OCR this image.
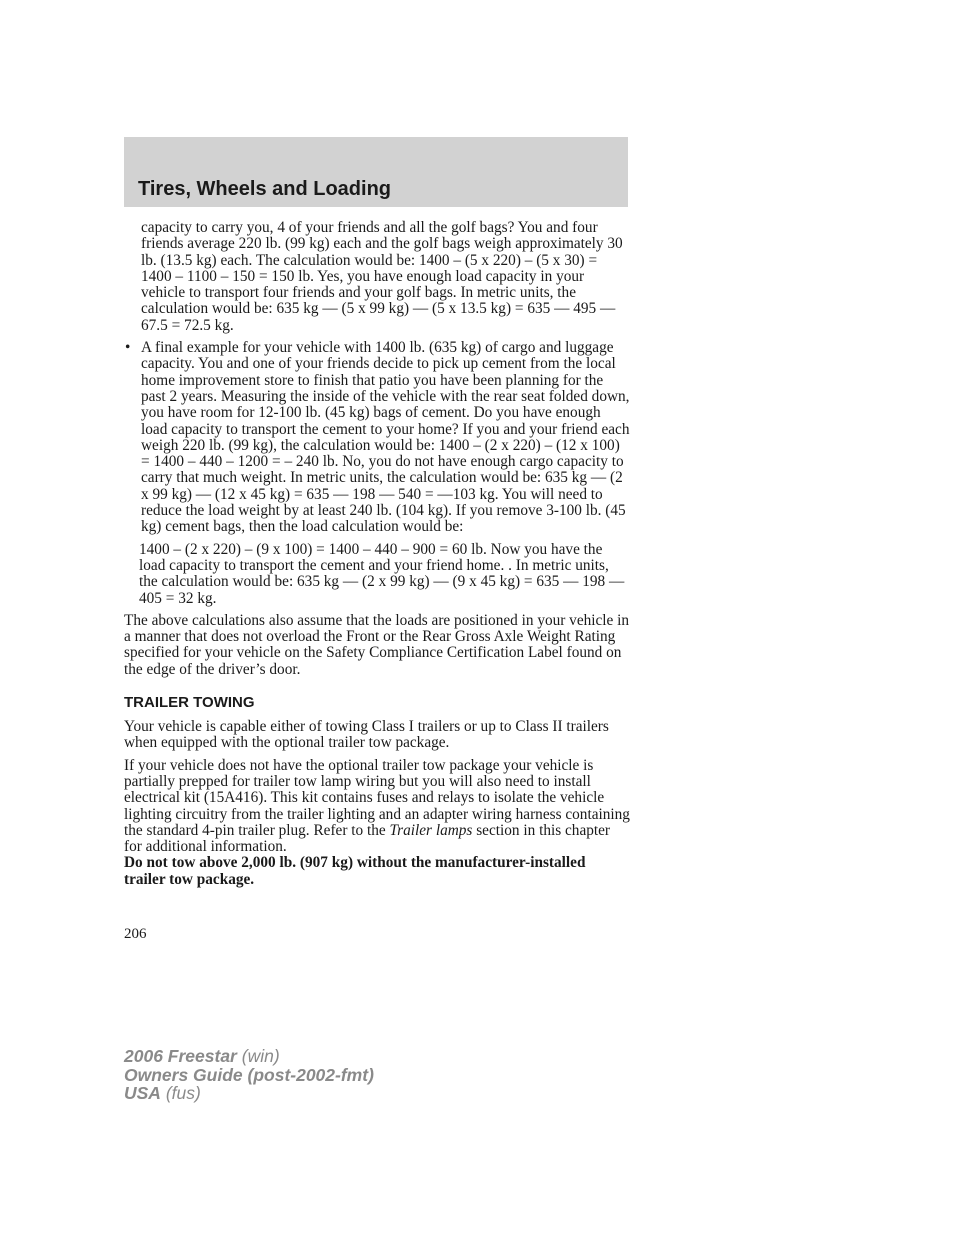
Tires, Wheels and Loading

capacity to carry you, 4 of your friends and all the golf bags? You and four friends average 220 lb. (99 kg) each and the golf bags weigh approximately 30 lb. (13.5 kg) each. The calculation would be: 1400 – (5 x 220) – (5 x 30) = 1400 – 1100 – 150 = 150 lb. Yes, you have enough load capacity in your vehicle to transport four friends and your golf bags. In metric units, the calculation would be: 635 kg — (5 x 99 kg) — (5 x 13.5 kg) = 635 — 495 — 67.5 = 72.5 kg.

• A final example for your vehicle with 1400 lb. (635 kg) of cargo and luggage capacity. You and one of your friends decide to pick up cement from the local home improvement store to finish that patio you have been planning for the past 2 years. Measuring the inside of the vehicle with the rear seat folded down, you have room for 12-100 lb. (45 kg) bags of cement. Do you have enough load capacity to transport the cement to your home? If you and your friend each weigh 220 lb. (99 kg), the calculation would be: 1400 – (2 x 220) – (12 x 100) = 1400 – 440 – 1200 = – 240 lb. No, you do not have enough cargo capacity to carry that much weight. In metric units, the calculation would be: 635 kg — (2 x 99 kg) — (12 x 45 kg) = 635 — 198 — 540 = —103 kg. You will need to reduce the load weight by at least 240 lb. (104 kg). If you remove 3-100 lb. (45 kg) cement bags, then the load calculation would be:

1400 – (2 x 220) – (9 x 100) = 1400 – 440 – 900 = 60 lb. Now you have the load capacity to transport the cement and your friend home. . In metric units, the calculation would be: 635 kg — (2 x 99 kg) — (9 x 45 kg) = 635 — 198 — 405 = 32 kg.

The above calculations also assume that the loads are positioned in your vehicle in a manner that does not overload the Front or the Rear Gross Axle Weight Rating specified for your vehicle on the Safety Compliance Certification Label found on the edge of the driver’s door.

TRAILER TOWING

Your vehicle is capable either of towing Class I trailers or up to Class II trailers when equipped with the optional trailer tow package.

If your vehicle does not have the optional trailer tow package your vehicle is partially prepped for trailer tow lamp wiring but you will also need to install electrical kit (15A416). This kit contains fuses and relays to isolate the vehicle lighting circuitry from the trailer lighting and an adapter wiring harness containing the standard 4-pin trailer plug. Refer to the Trailer lamps section in this chapter for additional information.

Do not tow above 2,000 lb. (907 kg) without the manufacturer-installed trailer tow package.

206

2006 Freestar (win)
Owners Guide (post-2002-fmt)
USA (fus)
